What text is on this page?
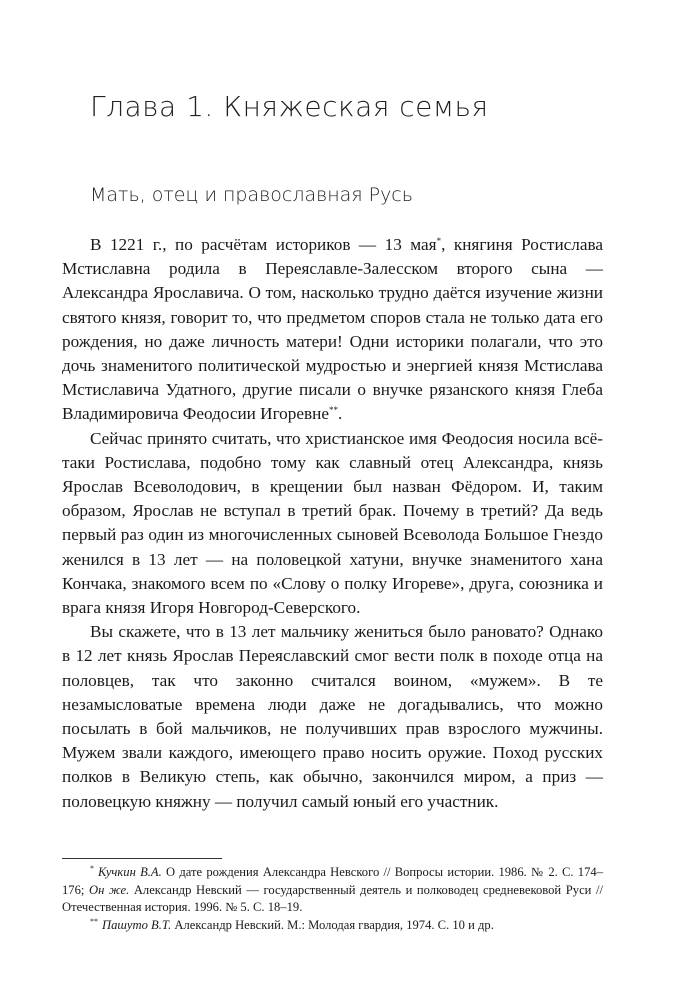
Глава 1. Княжеская семья
Мать, отец и православная Русь

В 1221 г., по расчётам историков — 13 мая*, княгиня Ростислава Мстиславна родила в Переяславле-Залесском второго сына — Александра Ярославича. О том, насколько трудно даётся изучение жизни святого князя, говорит то, что предметом споров стала не только дата его рождения, но даже личность матери! Одни историки полагали, что это дочь знаменитого политической мудростью и энергией князя Мстислава Мстиславича Удатного, другие писали о внучке рязанского князя Глеба Владимировича Феодосии Игоревне**.

Сейчас принято считать, что христианское имя Феодосия носила всё-таки Ростислава, подобно тому как славный отец Александра, князь Ярослав Всеволодович, в крещении был назван Фёдором. И, таким образом, Ярослав не вступал в третий брак. Почему в третий? Да ведь первый раз один из многочисленных сыновей Всеволода Большое Гнездо женился в 13 лет — на половецкой хатуни, внучке знаменитого хана Кончака, знакомого всем по «Слову о полку Игореве», друга, союзника и врага князя Игоря Новгород-Северского.

Вы скажете, что в 13 лет мальчику жениться было рановато? Однако в 12 лет князь Ярослав Переяславский смог вести полк в походе отца на половцев, так что законно считался воином, «мужем». В те незамысловатые времена люди даже не догадывались, что можно посылать в бой мальчиков, не получивших прав взрослого мужчины. Мужем звали каждого, имеющего право носить оружие. Поход русских полков в Великую степь, как обычно, закончился миром, а приз — половецкую княжну — получил самый юный его участник.

* Кучкин В.А. О дате рождения Александра Невского // Вопросы истории. 1986. № 2. С. 174–176; Он же. Александр Невский — государственный деятель и полководец средневековой Руси // Отечественная история. 1996. № 5. С. 18–19.

** Пашуто В.Т. Александр Невский. М.: Молодая гвардия, 1974. С. 10 и др.
